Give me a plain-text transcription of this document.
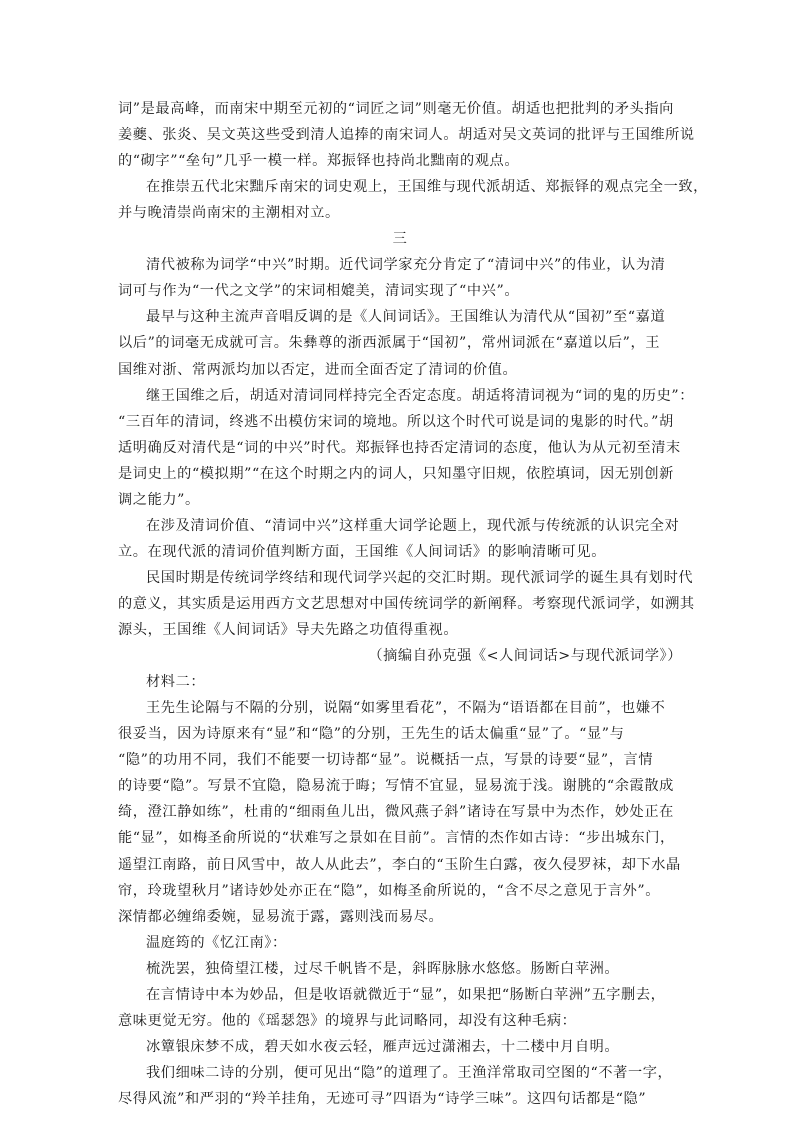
词”是最高峰，而南宋中期至元初的“词匠之词”则毫无价值。胡适也把批判的矛头指向
姜夔、张炎、吴文英这些受到清人追捧的南宋词人。胡适对吴文英词的批评与王国维所说
的“砌字”“垒句”几乎一模一样。郑振铎也持尚北黜南的观点。
在推崇五代北宋黜斥南宋的词史观上，王国维与现代派胡适、郑振铎的观点完全一致，
并与晚清崇尚南宋的主潮相对立。
三
清代被称为词学“中兴”时期。近代词学家充分肯定了“清词中兴”的伟业，认为清
词可与作为“一代之文学”的宋词相媲美，清词实现了“中兴”。
最早与这种主流声音唱反调的是《人间词话》。王国维认为清代从“国初”至“嘉道
以后”的词毫无成就可言。朱彝尊的浙西派属于“国初”，常州词派在“嘉道以后”，王
国维对浙、常两派均加以否定，进而全面否定了清词的价值。
继王国维之后，胡适对清词同样持完全否定态度。胡适将清词视为“词的鬼的历史”：
“三百年的清词，终逃不出模仿宋词的境地。所以这个时代可说是词的鬼影的时代。”胡
适明确反对清代是“词的中兴”时代。郑振铎也持否定清词的态度，他认为从元初至清末
是词史上的“模拟期”“在这个时期之内的词人，只知墨守旧规，依腔填词，因无别创新
调之能力”。
在涉及清词价值、“清词中兴”这样重大词学论题上，现代派与传统派的认识完全对
立。在现代派的清词价值判断方面，王国维《人间词话》的影响清晰可见。
民国时期是传统词学终结和现代词学兴起的交汇时期。现代派词学的诞生具有划时代
的意义，其实质是运用西方文艺思想对中国传统词学的新阐释。考察现代派词学，如溯其
源头，王国维《人间词话》导夫先路之功值得重视。
（摘编自孙克强《<人间词话>与现代派词学》）
材料二：
王先生论隔与不隔的分别，说隔“如雾里看花”，不隔为“语语都在目前”，也嫌不
很妥当，因为诗原来有“显”和“隐”的分别，王先生的话太偏重“显”了。“显”与
“隐”的功用不同，我们不能要一切诗都“显”。说概括一点，写景的诗要“显”，言情
的诗要“隐”。写景不宜隐，隐易流于晦；写情不宜显，显易流于浅。谢朓的“余霞散成
绮，澄江静如练”，杜甫的“细雨鱼儿出，微风燕子斜”诸诗在写景中为杰作，妙处正在
能“显”，如梅圣俞所说的“状难写之景如在目前”。言情的杰作如古诗：“步出城东门，
遥望江南路，前日风雪中，故人从此去”，李白的“玉阶生白露，夜久侵罗袜，却下水晶
帘，玲珑望秋月”诸诗妙处亦正在“隐”，如梅圣俞所说的，“含不尽之意见于言外”。
深情都必缠绵委婉，显易流于露，露则浅而易尽。
温庭筠的《忆江南》：
梳洗罢，独倚望江楼，过尽千帆皆不是，斜晖脉脉水悠悠。肠断白苹洲。
在言情诗中本为妙品，但是收语就微近于“显”，如果把“肠断白苹洲”五字删去，
意味更觉无穷。他的《瑶瑟怨》的境界与此词略同，却没有这种毛病：
冰簟银床梦不成，碧天如水夜云轻，雁声远过潇湘去，十二楼中月自明。
我们细味二诗的分别，便可见出“隐”的道理了。王渔洋常取司空图的“不著一字，
尽得风流”和严羽的“羚羊挂角，无迹可寻”四语为“诗学三味”。这四句话都是“隐”
